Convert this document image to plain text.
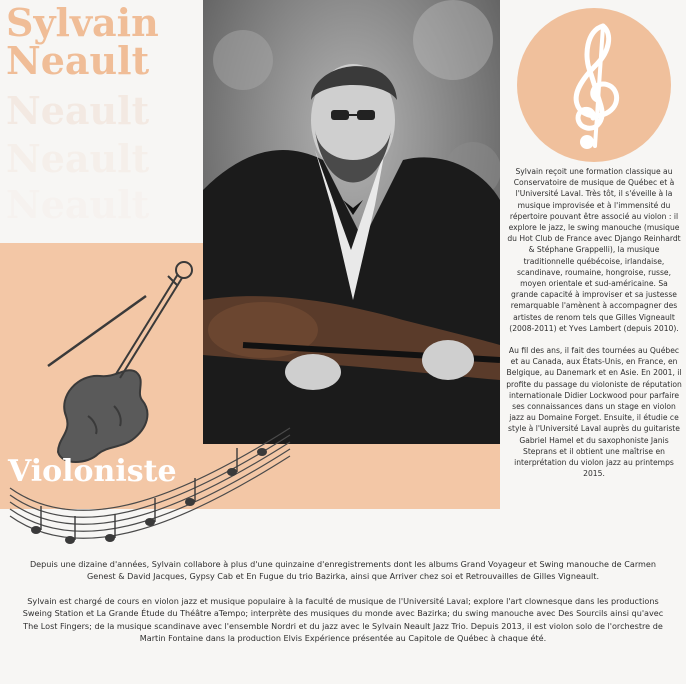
Neault
Neault
Neault
Sylvain
Neault
Violoniste

Sylvain reçoit une formation classique au Conservatoire de musique de Québec et à l'Université Laval. Très tôt, il s'éveille à la musique improvisée et à l'immensité du répertoire pouvant être associé au violon : il explore le jazz, le swing manouche (musique du Hot Club de France avec Django Reinhardt & Stéphane Grappelli), la musique traditionnelle québécoise, irlandaise, scandinave, roumaine, hongroise, russe, moyen orientale et sud-américaine. Sa grande capacité à improviser et sa justesse remarquable l'amènent à accompagner des artistes de renom tels que Gilles Vigneault (2008-2011) et Yves Lambert (depuis 2010).

Au fil des ans, il fait des tournées au Québec et au Canada, aux États-Unis, en France, en Belgique, au Danemark et en Asie. En 2001, il profite du passage du violoniste de réputation internationale Didier Lockwood pour parfaire ses connaissances dans un stage en violon jazz au Domaine Forget. Ensuite, il étudie ce style à l'Université Laval auprès du guitariste Gabriel Hamel et du saxophoniste Janis Steprans et il obtient une maîtrise en interprétation du violon jazz au printemps 2015.

Depuis une dizaine d'années, Sylvain collabore à plus d'une quinzaine d'enregistrements dont les albums Grand Voyageur et Swing manouche de Carmen Genest & David Jacques, Gypsy Cab et En Fugue du trio Bazirka, ainsi que Arriver chez soi et Retrouvailles de Gilles Vigneault.

Sylvain est chargé de cours en violon jazz et musique populaire à la faculté de musique de l'Université Laval; explore l'art clownesque dans les productions Sweing Station et La Grande Étude du Théâtre aTempo; interprète des musiques du monde avec Bazirka; du swing manouche avec Des Sourcils ainsi qu'avec The Lost Fingers; de la musique scandinave avec l'ensemble Nordri et du jazz avec le Sylvain Neault Jazz Trio. Depuis 2013, il est violon solo de l'orchestre de Martin Fontaine dans la production Elvis Expérience présentée au Capitole de Québec à chaque été.
